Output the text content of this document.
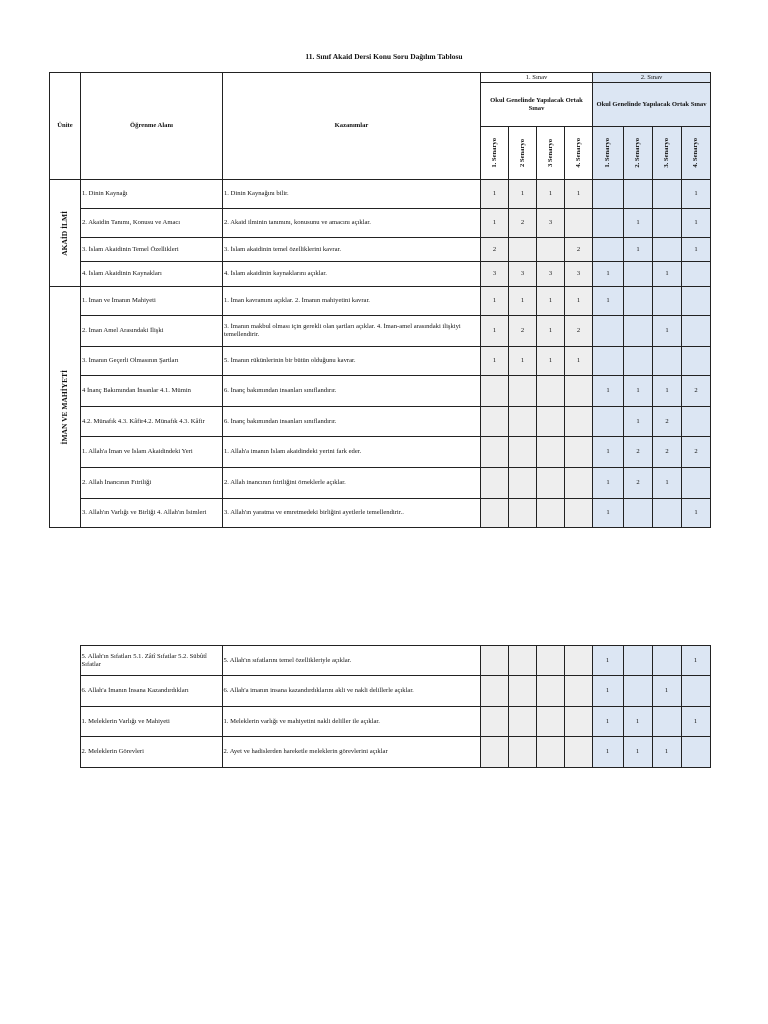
11. Sınıf Akaid Dersi Konu Soru Dağılım Tablosu
Ünite	Öğrenme Alanı	Kazanımlar	1. Sınav				2. Sınav			
			Okul Genelinde Yapılacak Ortak Sınav				Okul Genelinde Yapılacak Ortak Sınav			

			1. Senaryo	2 Senaryo	3 Senaryo	4. Senaryo	1. Senaryo	2. Senaryo	3. Senaryo	4. Senaryo

AKAİD İLMİ	1. Dinin Kaynağı	1. Dinin Kaynağını bilir.	1	1	1	1				1
	2. Akaidin Tanımı, Konusu ve Amacı	2. Akaid ilminin tanımını, konusunu ve amacını açıklar.	1	2	3			1		1
	3. İslam Akaidinin Temel Özellikleri	3. İslam akaidinin temel özelliklerini kavrar.	2			2		1		1
	4. İslam Akaidinin Kaynakları	4. İslam akaidinin kaynaklarını açıklar.	3	3	3	3	1		1	

İMAN VE MAHİYETİ	1. İman ve İmanın Mahiyeti	1. İman kavramını açıklar. 2. İmanın mahiyetini kavrar.	1	1	1	1	1			
	2. İman Amel Arasındaki İlişki	3. İmanın makbul olması için gerekli olan şartları açıklar. 4. İman-amel arasındaki ilişkiyi temellendirir.	1	2	1	2			1	
	3. İmanın Geçerli Olmasının Şartları	5. İmanın rükünlerinin bir bütün olduğunu kavrar.	1	1	1	1				
	4 İnanç Bakımından İnsanlar 4.1. Mümin	6. İnanç bakımından insanları sınıflandırır.					1	1	1	2
	4.2. Münafık 4.3. Kâfir4.2. Münafık 4.3. Kâfir	6. İnanç bakımından insanları sınıflandırır.						1	2	
	1. Allah'a İman ve İslam Akaidindeki Yeri	1. Allah'a imanın İslam akaidindeki yerini fark eder.					1	2	2	2
	2. Allah İnancının Fıtriliği	2. Allah inancının fıtriliğini örneklerle açıklar.					1	2	1	
	3. Allah'ın Varlığı ve Birliği 4. Allah'ın İsimleri	3. Allah'ın yaratma ve emretmedeki birliğini ayetlerle temellendirir..					1			1
	5. Allah'ın Sıfatları 5.1. Zâtî Sıfatlar 5.2. Sübûtî Sıfatlar	5. Allah'ın sıfatlarını temel özellikleriyle açıklar.					1			1
	6. Allah'a İmanın İnsana Kazandırdıkları	6. Allah'a imanın insana kazandırdıklarını akli ve nakli delillerle açıklar.					1		1	
	1. Meleklerin Varlığı ve Mahiyeti	1. Meleklerin varlığı ve mahiyetini nakli deliller ile açıklar.					1	1		1
	2. Meleklerin Görevleri	2. Ayet ve hadislerden hareketle meleklerin görevlerini açıklar					1	1	1	
